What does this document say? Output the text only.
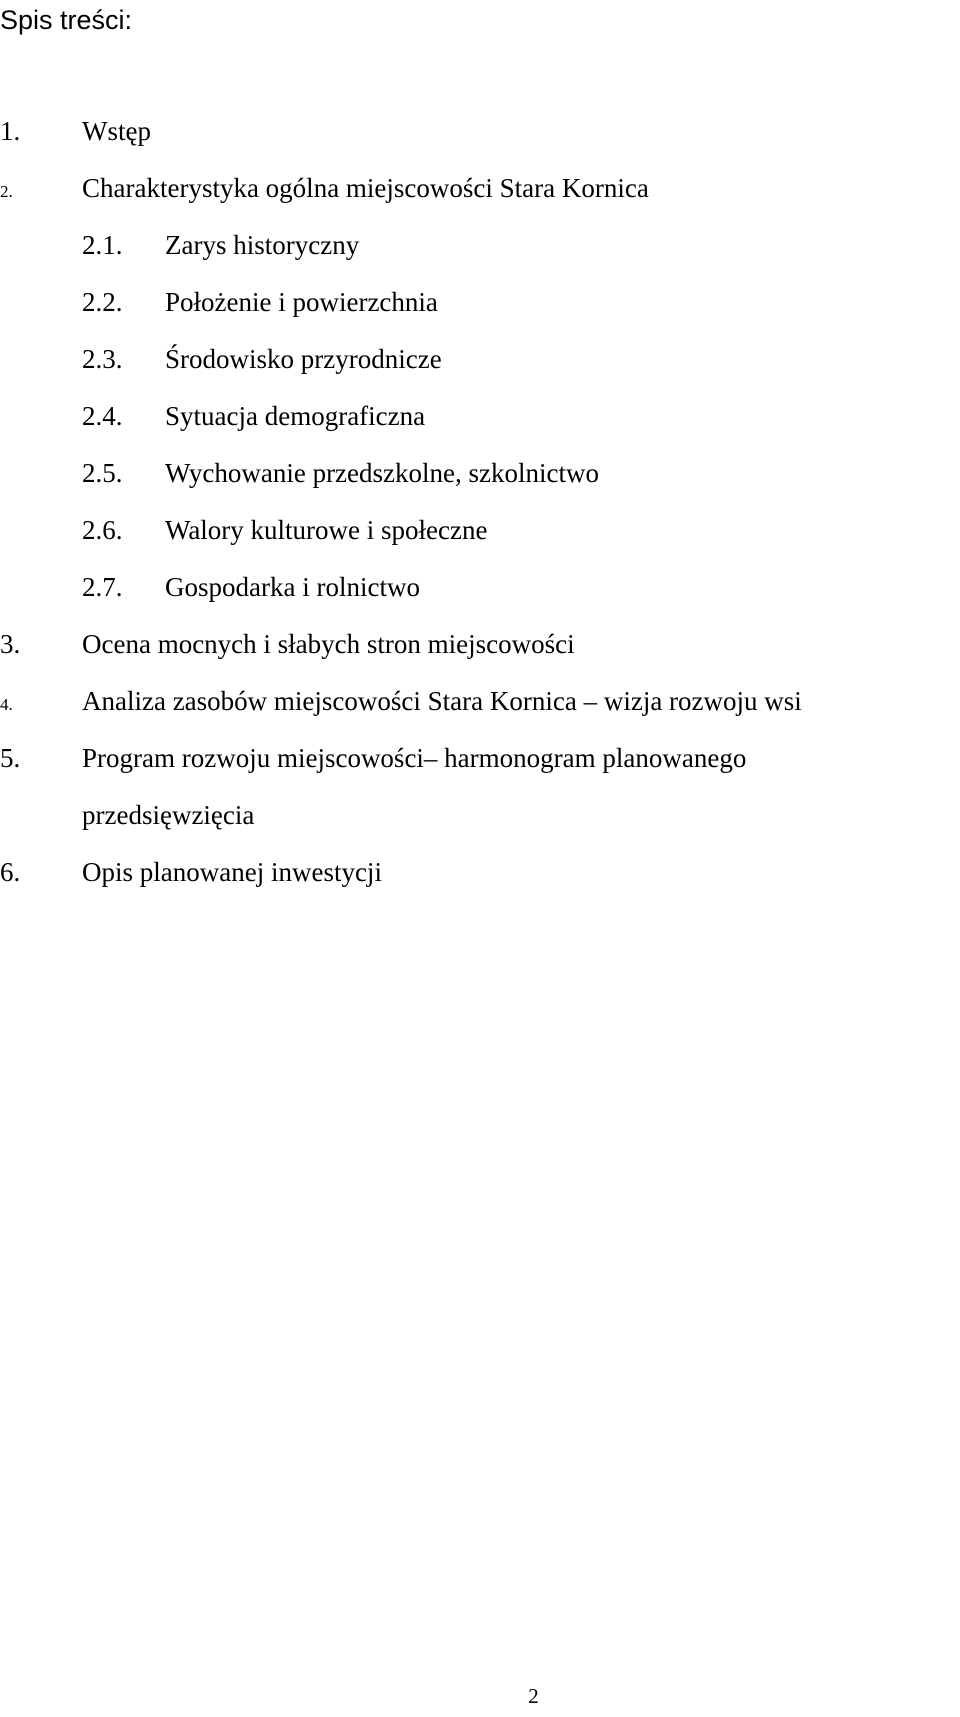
Spis treści:
1.	Wstęp
2.	Charakterystyka ogólna miejscowości Stara Kornica
2.1.	Zarys historyczny
2.2.	Położenie i powierzchnia
2.3.	Środowisko przyrodnicze
2.4.	Sytuacja demograficzna
2.5.	Wychowanie przedszkolne, szkolnictwo
2.6.	Walory kulturowe i społeczne
2.7.	Gospodarka i rolnictwo
3.	Ocena mocnych i słabych stron miejscowości
4.	Analiza zasobów miejscowości Stara Kornica – wizja rozwoju wsi
5.	Program rozwoju miejscowości– harmonogram planowanego przedsięwzięcia
6.	Opis planowanej inwestycji
2
